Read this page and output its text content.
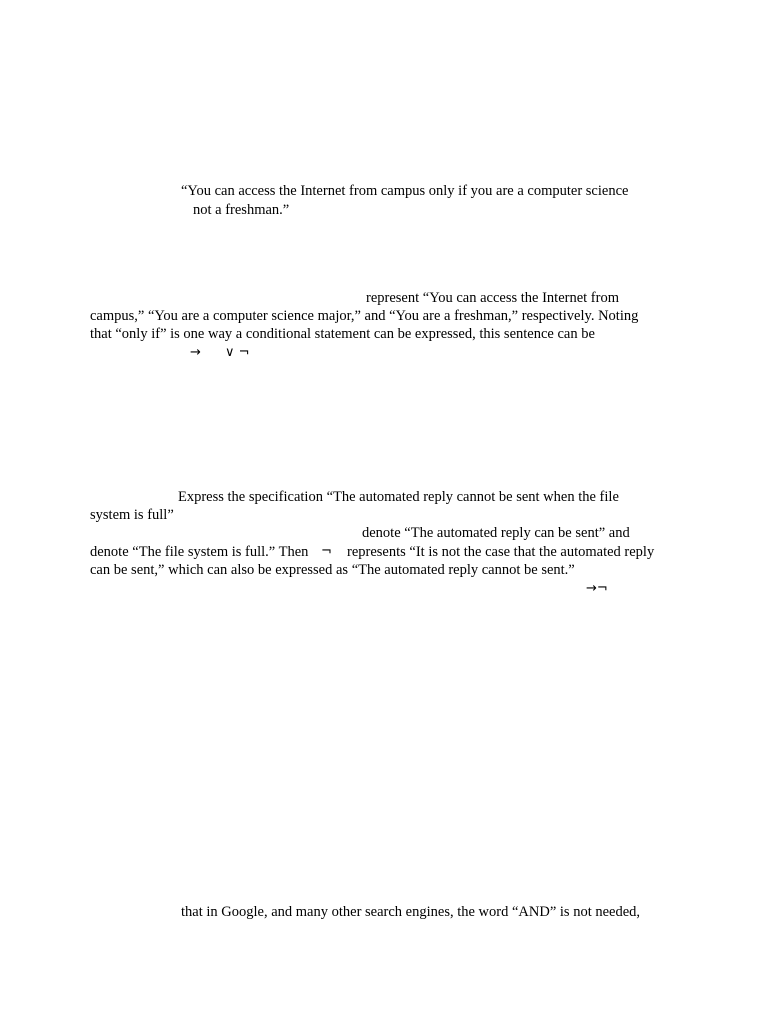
“You can access the Internet from campus only if you are a computer science
not a freshman.”
represent “You can access the Internet from
campus,” “You are a computer science major,” and “You are a freshman,” respectively. Noting
that “only if” is one way a conditional statement can be expressed, this sentence can be
→ ∨ ¬
Express the specification “The automated reply cannot be sent when the file
system is full”
denote “The automated reply can be sent” and
denote “The file system is full.” Then ¬ represents “It is not the case that the automated reply
can be sent,” which can also be expressed as “The automated reply cannot be sent.”
→¬
that in Google, and many other search engines, the word “AND” is not needed,
